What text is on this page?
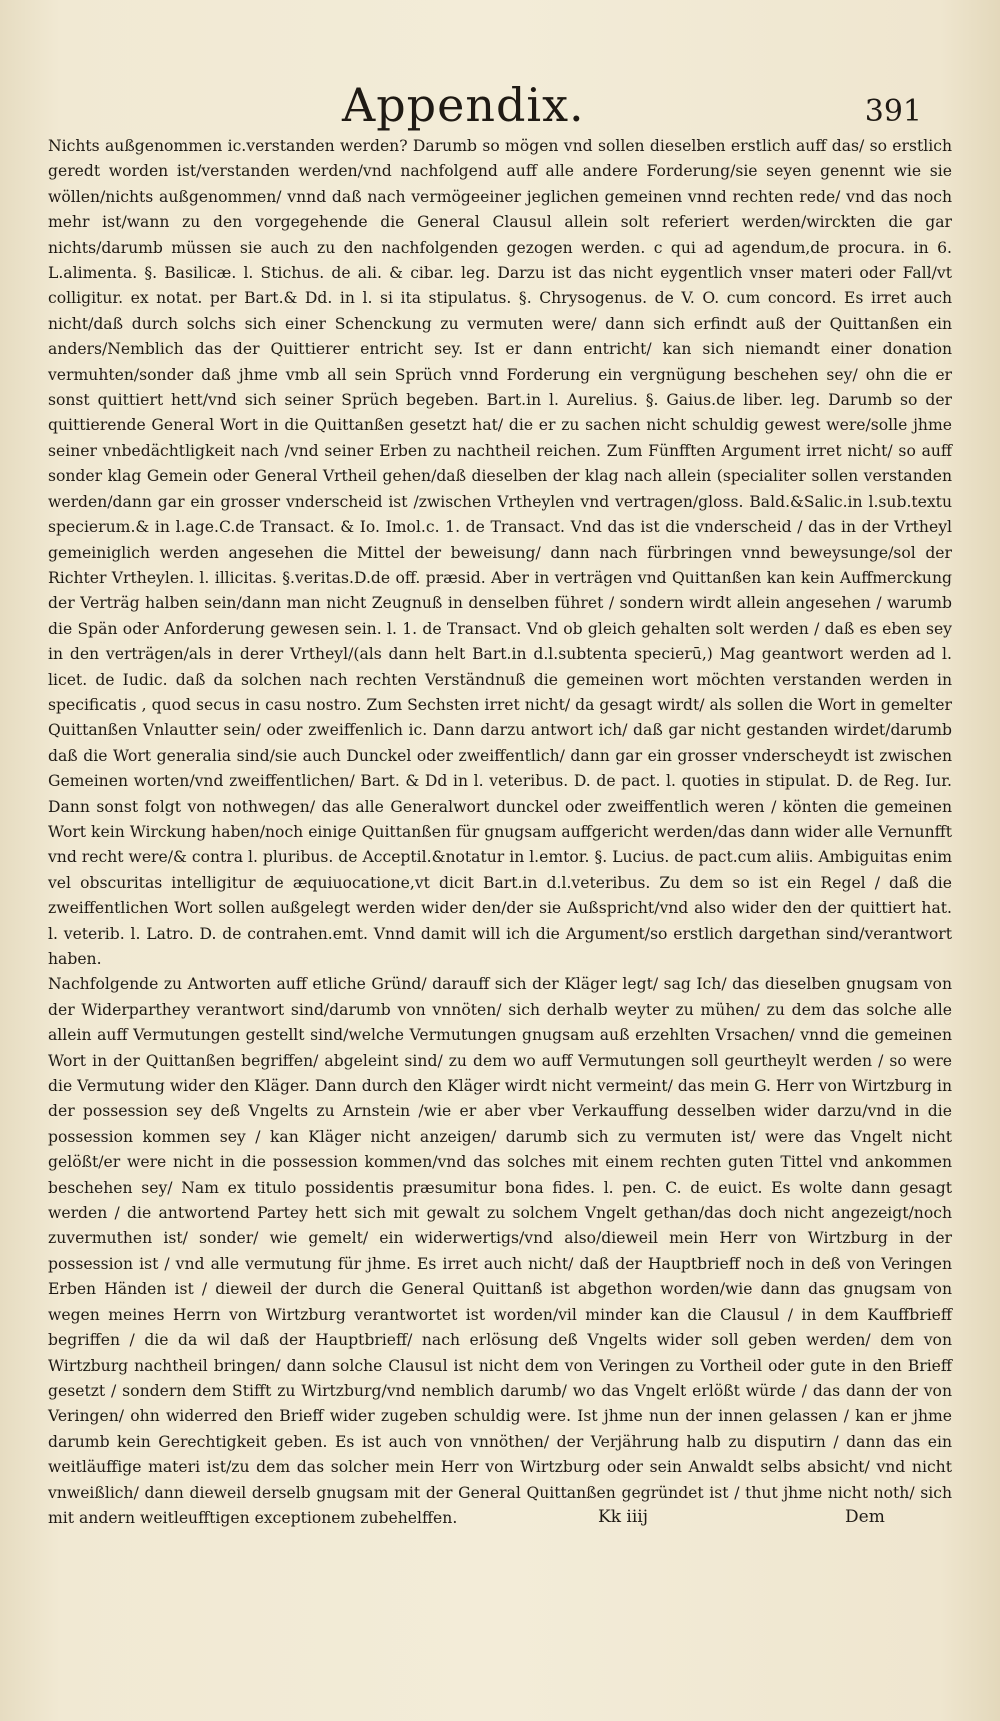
Appendix.	391

Nichts außgenommen ic.verstanden werden? Darumb so mögen vnd sollen dieselben erstlich auff das/ so erstlich geredt worden ist/verstanden werden/vnd nachfolgend auff alle andere Forderung/sie seyen genennt wie sie wöllen/nichts außgenommen/ vnnd daß nach vermögeeiner jeglichen gemeinen vnnd rechten rede/ vnd das noch mehr ist/wann zu den vorgegehende die General Clausul allein solt referiert werden/wirckten die gar nichts/darumb müssen sie auch zu den nachfolgenden gezogen werden. c qui ad agendum,de procura. in 6. L.alimenta. §. Basilicæ. l. Stichus. de ali. & cibar. leg. Darzu ist das nicht eygentlich vnser materi oder Fall/vt colligitur. ex notat. per Bart.& Dd. in l. si ita stipulatus. §. Chrysogenus. de V. O. cum concord. Es irret auch nicht/daß durch solchs sich einer Schenckung zu vermuten were/ dann sich erfindt auß der Quittanßen ein anders/Nemblich das der Quittierer entricht sey. Ist er dann entricht/ kan sich niemandt einer donation vermuhten/sonder daß jhme vmb all sein Sprüch vnnd Forderung ein vergnügung beschehen sey/ ohn die er sonst quittiert hett/vnd sich seiner Sprüch begeben. Bart.in l. Aurelius. §. Gaius.de liber. leg. Darumb so der quittierende General Wort in die Quittanßen gesetzt hat/ die er zu sachen nicht schuldig gewest were/solle jhme seiner vnbedächtligkeit nach /vnd seiner Erben zu nachtheil reichen. Zum Fünfften Argument irret nicht/ so auff sonder klag Gemein oder General Vrtheil gehen/daß dieselben der klag nach allein (specialiter sollen verstanden werden/dann gar ein grosser vnderscheid ist /zwischen Vrtheylen vnd vertragen/gloss. Bald.&Salic.in l.sub.textu specierum.& in l.age.C.de Transact. & Io. Imol.c. 1. de Transact. Vnd das ist die vnderscheid / das in der Vrtheyl gemeiniglich werden angesehen die Mittel der beweisung/ dann nach fürbringen vnnd beweysunge/sol der Richter Vrtheylen. l. illicitas. §.veritas.D.de off. præsid. Aber in verträgen vnd Quittanßen kan kein Auffmerckung der Verträg halben sein/dann man nicht Zeugnuß in denselben führet / sondern wirdt allein angesehen / warumb die Spän oder Anforderung gewesen sein. l. 1. de Transact. Vnd ob gleich gehalten solt werden / daß es eben sey in den verträgen/als in derer Vrtheyl/(als dann helt Bart.in d.l.subtenta specierū,) Mag geantwort werden ad l. licet. de Iudic. daß da solchen nach rechten Verständnuß die gemeinen wort möchten verstanden werden in specificatis , quod secus in casu nostro. Zum Sechsten irret nicht/ da gesagt wirdt/ als sollen die Wort in gemelter Quittanßen Vnlautter sein/ oder zweiffenlich ic. Dann darzu antwort ich/ daß gar nicht gestanden wirdet/darumb daß die Wort generalia sind/sie auch Dunckel oder zweiffentlich/ dann gar ein grosser vnderscheydt ist zwischen Gemeinen worten/vnd zweiffentlichen/ Bart. & Dd in l. veteribus. D. de pact. l. quoties in stipulat. D. de Reg. Iur. Dann sonst folgt von nothwegen/ das alle Generalwort dunckel oder zweiffentlich weren / könten die gemeinen Wort kein Wirckung haben/noch einige Quittanßen für gnugsam auffgericht werden/das dann wider alle Vernunfft vnd recht were/& contra l. pluribus. de Acceptil.&notatur in l.emtor. §. Lucius. de pact.cum aliis. Ambiguitas enim vel obscuritas intelligitur de æquiuocatione,vt dicit Bart.in d.l.veteribus. Zu dem so ist ein Regel / daß die zweiffentlichen Wort sollen außgelegt werden wider den/der sie Außspricht/vnd also wider den der quittiert hat. l. veterib. l. Latro. D. de contrahen.emt. Vnnd damit will ich die Argument/so erstlich dargethan sind/verantwort haben.

Nachfolgende zu Antworten auff etliche Gründ/ darauff sich der Kläger legt/ sag Ich/ das dieselben gnugsam von der Widerparthey verantwort sind/darumb von vnnöten/ sich derhalb weyter zu mühen/ zu dem das solche alle allein auff Vermutungen gestellt sind/welche Vermutungen gnugsam auß erzehlten Vrsachen/ vnnd die gemeinen Wort in der Quittanßen begriffen/ abgeleint sind/ zu dem wo auff Vermutungen soll geurtheylt werden / so were die Vermutung wider den Kläger. Dann durch den Kläger wirdt nicht vermeint/ das mein G. Herr von Wirtzburg in der possession sey deß Vngelts zu Arnstein /wie er aber vber Verkauffung desselben wider darzu/vnd in die possession kommen sey / kan Kläger nicht anzeigen/ darumb sich zu vermuten ist/ were das Vngelt nicht gelößt/er were nicht in die possession kommen/vnd das solches mit einem rechten guten Tittel vnd ankommen beschehen sey/ Nam ex titulo possidentis præsumitur bona fides. l. pen. C. de euict. Es wolte dann gesagt werden / die antwortend Partey hett sich mit gewalt zu solchem Vngelt gethan/das doch nicht angezeigt/noch zuvermuthen ist/ sonder/ wie gemelt/ ein widerwertigs/vnd also/dieweil mein Herr von Wirtzburg in der possession ist / vnd alle vermutung für jhme. Es irret auch nicht/ daß der Hauptbrieff noch in deß von Veringen Erben Händen ist / dieweil der durch die General Quittanß ist abgethon worden/wie dann das gnugsam von wegen meines Herrn von Wirtzburg verantwortet ist worden/vil minder kan die Clausul / in dem Kauffbrieff begriffen / die da wil daß der Hauptbrieff/ nach erlösung deß Vngelts wider soll geben werden/ dem von Wirtzburg nachtheil bringen/ dann solche Clausul ist nicht dem von Veringen zu Vortheil oder gute in den Brieff gesetzt / sondern dem Stifft zu Wirtzburg/vnd nemblich darumb/ wo das Vngelt erlößt würde / das dann der von Veringen/ ohn widerred den Brieff wider zugeben schuldig were. Ist jhme nun der innen gelassen / kan er jhme darumb kein Gerechtigkeit geben. Es ist auch von vnnöthen/ der Verjährung halb zu disputirn / dann das ein weitläuffige materi ist/zu dem das solcher mein Herr von Wirtzburg oder sein Anwaldt selbs absicht/ vnd nicht vnweißlich/ dann dieweil derselb gnugsam mit der General Quittanßen gegründet ist / thut jhme nicht noth/ sich mit andern weitleufftigen exceptionem zubehelffen.	Kk iiij	Dem
